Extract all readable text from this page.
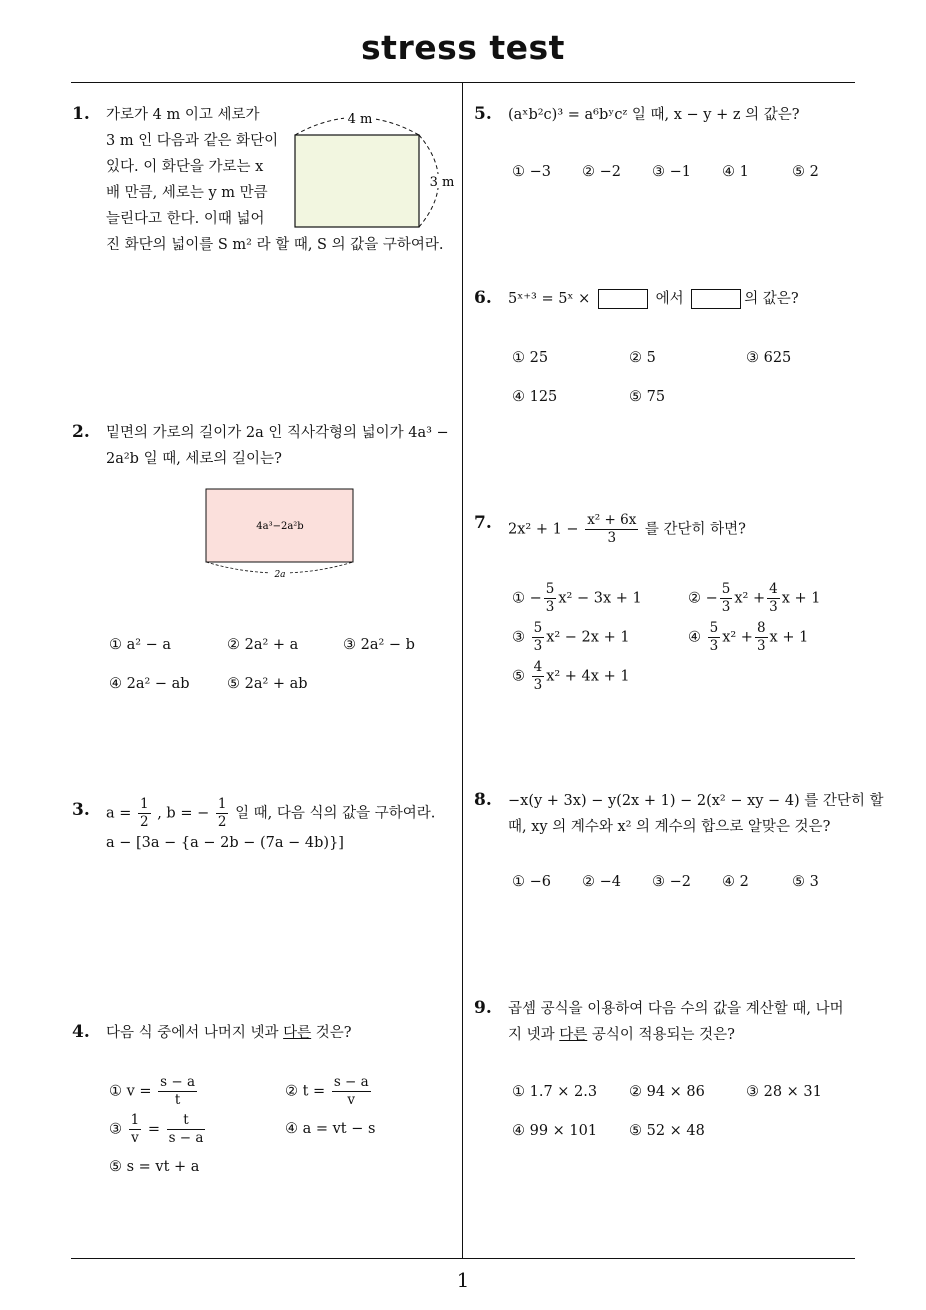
stress test
1
1. 가로가 4 m 이고 세로가
3 m 인 다음과 같은 화단이
있다. 이 화단을 가로는 x
배 만큼, 세로는 y m 만큼
늘린다고 한다. 이때 넓어
진 화단의 넓이를 S m² 라 할 때, S 의 값을 구하여라.
4 m
3 m
2. 밑면의 가로의 길이가 2a 인 직사각형의 넓이가 4a³ −
2a²b 일 때, 세로의 길이는?
4a³−2a²b
2a
① a² − a	② 2a² + a	③ 2a² − b
④ 2a² − ab	⑤ 2a² + ab
3. $a = \frac{1}{2}$ , b = − $\frac{1}{2}$ 일 때, 다음 식의 값을 구하여라.
a − [3a − {a − 2b − (7a − 4b)}]
4. 다음 식 중에서 나머지 넷과 다른 것은?
① $v = \frac{s - a}{t}$	② $t = \frac{s - a}{v}$
③ $\frac{1}{v} = \frac{t}{s - a}$	④ a = vt − s
⑤ s = vt + a
5. (aˣb²c)³ = a⁶bʸcᶻ 일 때, x − y + z 의 값은?
① −3 ② −2 ③ −1 ④ 1	⑤ 2
6. 5ˣ⁺³ = 5ˣ ×	에서	의 값은?
① 25	② 5	③ 625
④ 125	⑤ 75
7. $2x^2 + 1 - \frac{\text{x² + 6x}}{3}$ 를 간단히 하면?
① − $\frac{5}{3} x^2 - 3x + 1$	② − $\frac{5}{3} x^2 + \frac{4}{3}$ x + 1
③ $\frac{5}{3} x^2 - 2x + 1$	④ $\frac{5}{3} x^2 + \frac{8}{3}$ x + 1
⑤ $\frac{4}{3} x^2 + 4x + 1$
8. −x(y + 3x) − y(2x + 1) − 2(x² − xy − 4) 를 간단히 할
때, xy 의 계수와 x² 의 계수의 합으로 알맞은 것은?
① −6 ② −4 ③ −2 ④ 2	⑤ 3
9. 곱셈 공식을 이용하여 다음 수의 값을 계산할 때, 나머
지 넷과 다른 공식이 적용되는 것은?
① 1.7 × 2.3 ② 94 × 86	③ 28 × 31
④ 99 × 101 ⑤ 52 × 48
